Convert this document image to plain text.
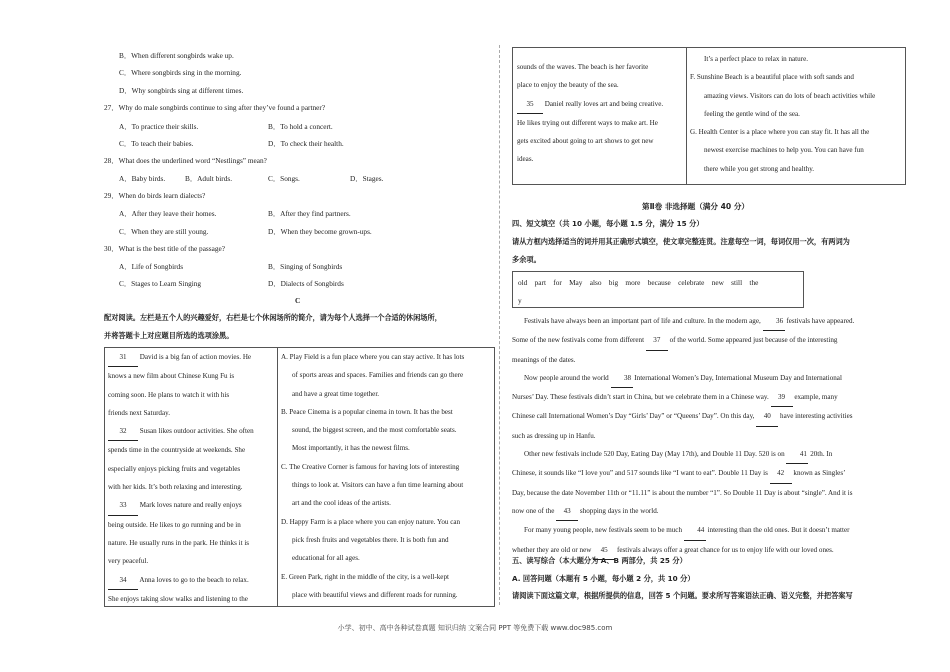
B．When different songbirds wake up.
C．Where songbirds sing in the morning.
D．Why songbirds sing at different times.
27．Why do male songbirds continue to sing after they’ve found a partner?
A．To practice their skills.	B．To hold a concert.
C．To teach their babies.	D．To check their health.
28．What does the underlined word “Nestlings” mean?
A．Baby birds.	B．Adult birds.	C．Songs.	D．Stages.
29．When do birds learn dialects?
A．After they leave their homes.	B．After they find partners.
C．When they are still young.	D．When they become grown-ups.
30．What is the best title of the passage?
A．Life of Songbirds	B．Singing of Songbirds
C．Stages to Learn Singing	D．Dialects of Songbirds
C
配对阅读。左栏是五个人的兴趣爱好，右栏是七个休闲场所的简介，请为每个人选择一个合适的休闲场所，
并将答题卡上对应题目所选的选项涂黑。
31 David is a big fan of action movies. He
knows a new film about Chinese Kung Fu is
coming soon. He plans to watch it with his
friends next Saturday.
32 Susan likes outdoor activities. She often
spends time in the countryside at weekends. She
especially enjoys picking fruits and vegetables
with her kids. It’s both relaxing and interesting.
33 Mark loves nature and really enjoys
being outside. He likes to go running and be in
nature. He usually runs in the park. He thinks it is
very peaceful.
34 Anna loves to go to the beach to relax.
She enjoys taking slow walks and listening to the
A. Play Field is a fun place where you can stay active. It has lots
of sports areas and spaces. Families and friends can go there
and have a great time together.
B. Peace Cinema is a popular cinema in town. It has the best
sound, the biggest screen, and the most comfortable seats.
Most importantly, it has the newest films.
C. The Creative Corner is famous for having lots of interesting
things to look at. Visitors can have a fun time learning about
art and the cool ideas of the artists.
D. Happy Farm is a place where you can enjoy nature. You can
pick fresh fruits and vegetables there. It is both fun and
educational for all ages.
E. Green Park, right in the middle of the city, is a well-kept
place with beautiful views and different roads for running.
sounds of the waves. The beach is her favorite
place to enjoy the beauty of the sea.
35 Daniel really loves art and being creative.
He likes trying out different ways to make art. He
gets excited about going to art shows to get new
ideas.
It’s a perfect place to relax in nature.
F. Sunshine Beach is a beautiful place with soft sands and
amazing views. Visitors can do lots of beach activities while
feeling the gentle wind of the sea.
G. Health Center is a place where you can stay fit. It has all the
newest exercise machines to help you. You can have fun
there while you get strong and healthy.
第Ⅱ卷 非选择题（满分 40 分）
四、短文填空（共 10 小题，每小题 1.5 分，满分 15 分）
请从方框内选择适当的词并用其正确形式填空，使文章完整连贯。注意每空一词，每词仅用一次，有两词为
多余项。
old    part    for    May    also    big    more    because    celebrate    new    still    the
y
Festivals have always been an important part of life and culture. In the modern age, 36 festivals have appeared.
Some of the new festivals come from different 37 of the world. Some appeared just because of the interesting
meanings of the dates.
Now people around the world 38 International Women’s Day, International Museum Day and International
Nurses’ Day. These festivals didn’t start in China, but we celebrate them in a Chinese way. 39 example, many
Chinese call International Women’s Day “Girls’ Day” or “Queens’ Day”. On this day, 40 have interesting activities
such as dressing up in Hanfu.
Other new festivals include 520 Day, Eating Day (May 17th), and Double 11 Day. 520 is on 41 20th. In
Chinese, it sounds like “I love you” and 517 sounds like “I want to eat”. Double 11 Day is 42 known as Singles’
Day, because the date November 11th or “11.11” is about the number “1”. So Double 11 Day is about “single”. And it is
now one of the 43 shopping days in the world.
For many young people, new festivals seem to be much 44 interesting than the old ones. But it doesn’t matter
whether they are old or new 45 festivals always offer a great chance for us to enjoy life with our loved ones.
五、读写综合（本大题分为 A、B 两部分，共 25 分）
A. 回答问题（本题有 5 小题，每小题 2 分，共 10 分）
请阅读下面这篇文章，根据所提供的信息，回答 5 个问题。要求所写答案语法正确、语义完整，并把答案写
小学、初中、高中各种试卷真题 知识归纳 文案合同 PPT 等免费下载 www.doc985.com
